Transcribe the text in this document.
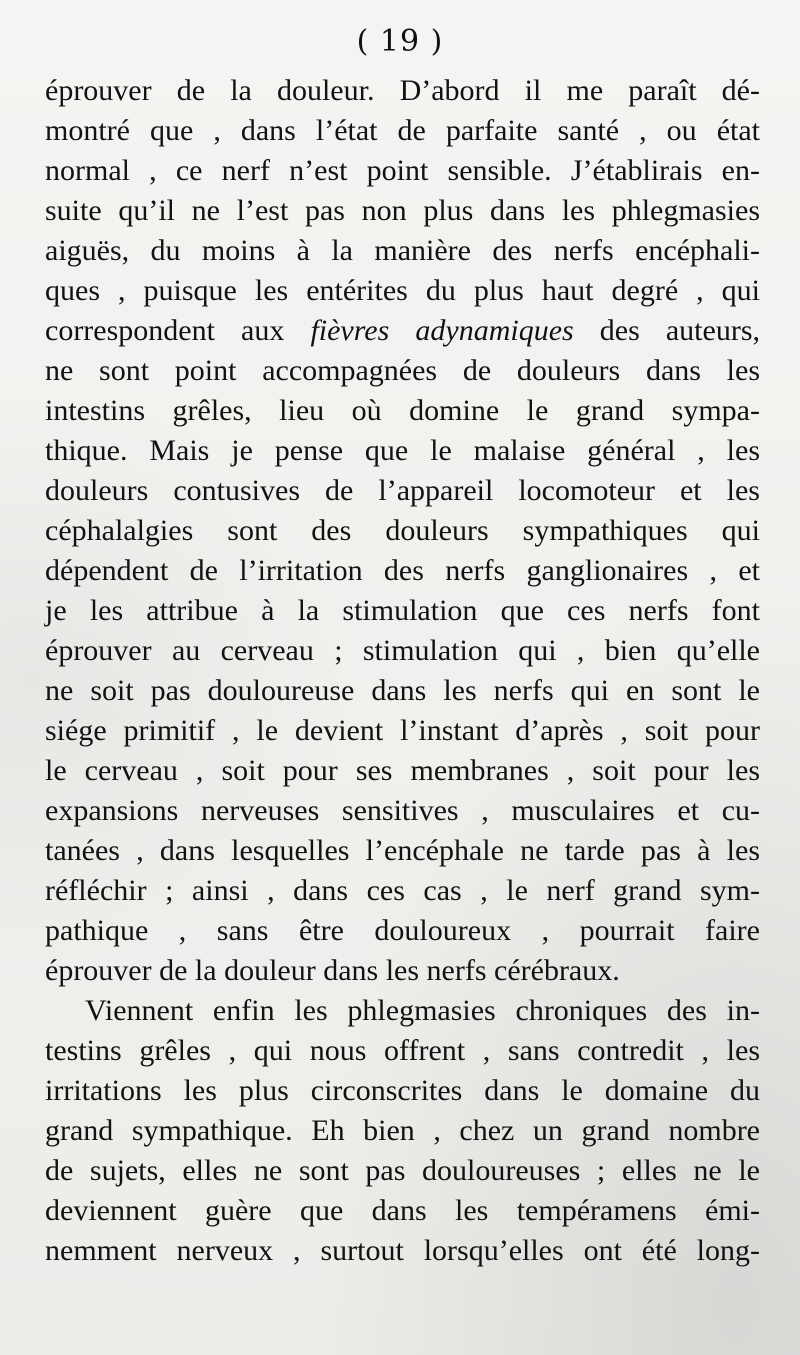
( 19 )
éprouver de la douleur. D’abord il me paraît dé-
montré que , dans l’état de parfaite santé , ou état
normal , ce nerf n’est point sensible. J’établirais en-
suite qu’il ne l’est pas non plus dans les phlegmasies
aiguës, du moins à la manière des nerfs encéphali-
ques , puisque les entérites du plus haut degré , qui
correspondent aux fièvres adynamiques des auteurs,
ne sont point accompagnées de douleurs dans les
intestins grêles, lieu où domine le grand sympa-
thique. Mais je pense que le malaise général , les
douleurs contusives de l’appareil locomoteur et les
céphalalgies sont des douleurs sympathiques qui
dépendent de l’irritation des nerfs ganglionaires , et
je les attribue à la stimulation que ces nerfs font
éprouver au cerveau ; stimulation qui , bien qu’elle
ne soit pas douloureuse dans les nerfs qui en sont le
siége primitif , le devient l’instant d’après , soit pour
le cerveau , soit pour ses membranes , soit pour les
expansions nerveuses sensitives , musculaires et cu-
tanées , dans lesquelles l’encéphale ne tarde pas à les
réfléchir ; ainsi , dans ces cas , le nerf grand sym-
pathique , sans être douloureux , pourrait faire
éprouver de la douleur dans les nerfs cérébraux.
Viennent enfin les phlegmasies chroniques des in-
testins grêles , qui nous offrent , sans contredit , les
irritations les plus circonscrites dans le domaine du
grand sympathique. Eh bien , chez un grand nombre
de sujets, elles ne sont pas douloureuses ; elles ne le
deviennent guère que dans les tempéramens émi-
nemment nerveux , surtout lorsqu’elles ont été long-
